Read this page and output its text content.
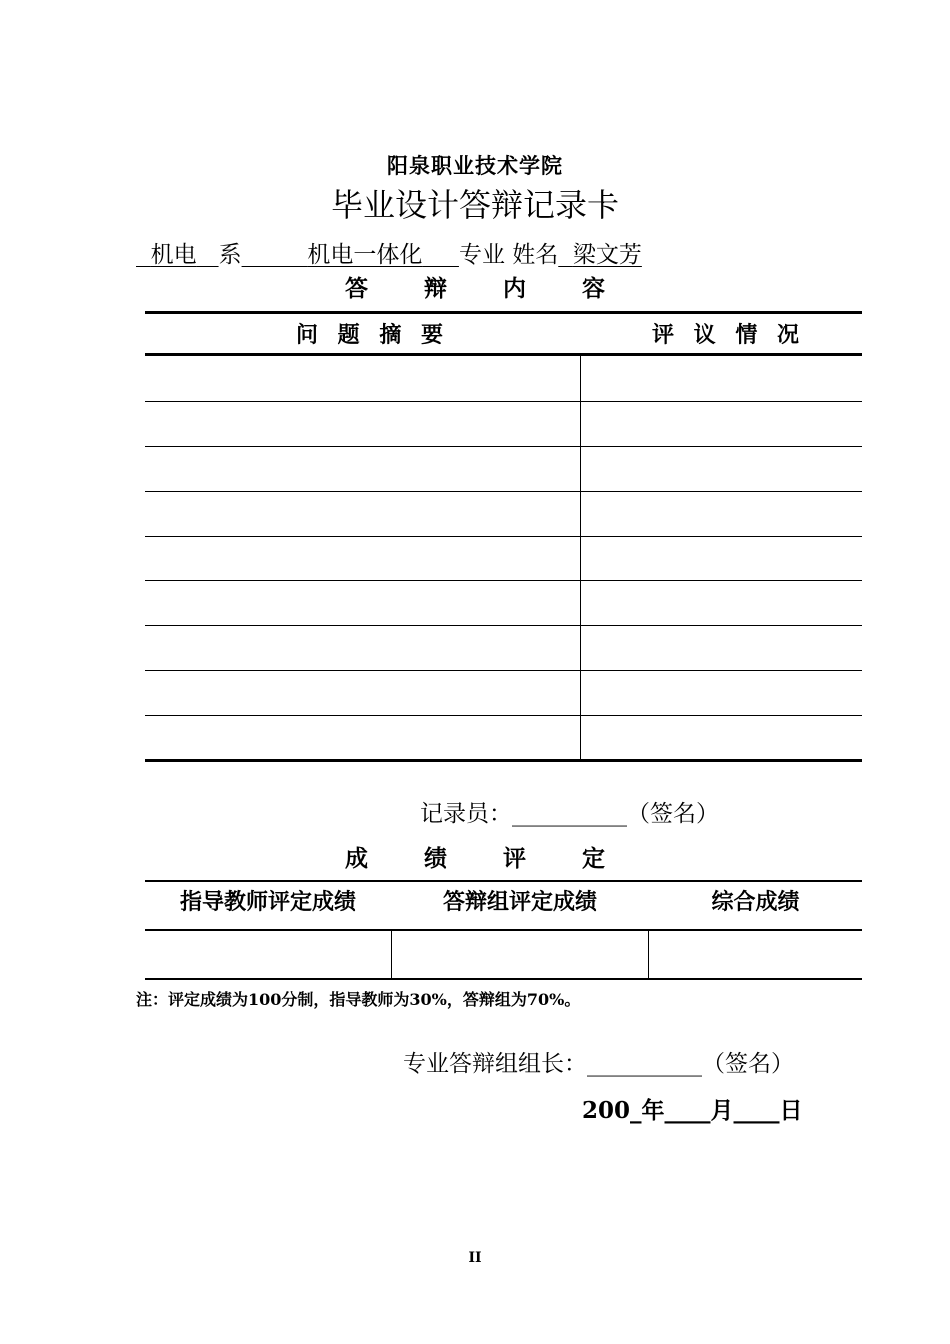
阳泉职业技术学院
毕业设计答辩记录卡
机电 系	机电一体化 专业 姓名 梁文芳
答 辩 内 容
问 题 摘 要	评 议 情 况
记录员：__________（签名）
成 绩 评 定
指导教师评定成绩	答辩组评定成绩	综合成绩
注：评定成绩为100分制，指导教师为30%，答辩组为70%。
专业答辩组组长：__________（签名）
200_年____月____日
II
